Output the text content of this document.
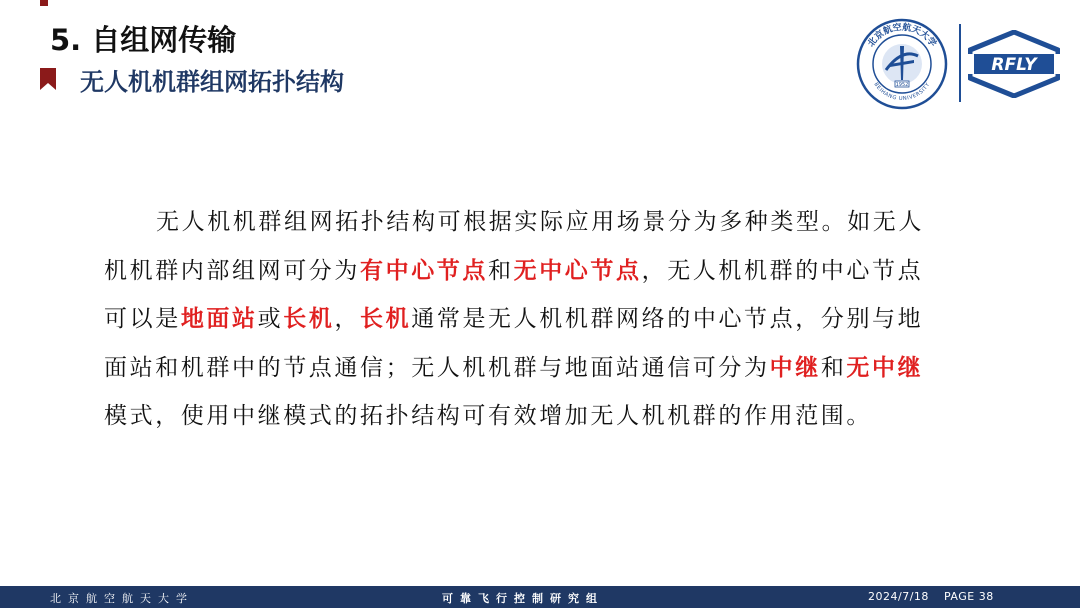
5. 自组网传输
无人机机群组网拓扑结构
北京航空航天大学
BEIHANG UNIVERSITY
1952
RFLY

无人机机群组网拓扑结构可根据实际应用场景分为多种类型。如无人机机群内部组网可分为有中心节点和无中心节点，无人机机群的中心节点可以是地面站或长机，长机通常是无人机机群网络的中心节点，分别与地面站和机群中的节点通信；无人机机群与地面站通信可分为中继和无中继模式，使用中继模式的拓扑结构可有效增加无人机机群的作用范围。

北京航空航天大学	可靠飞行控制研究组	2024/7/18 PAGE 38
